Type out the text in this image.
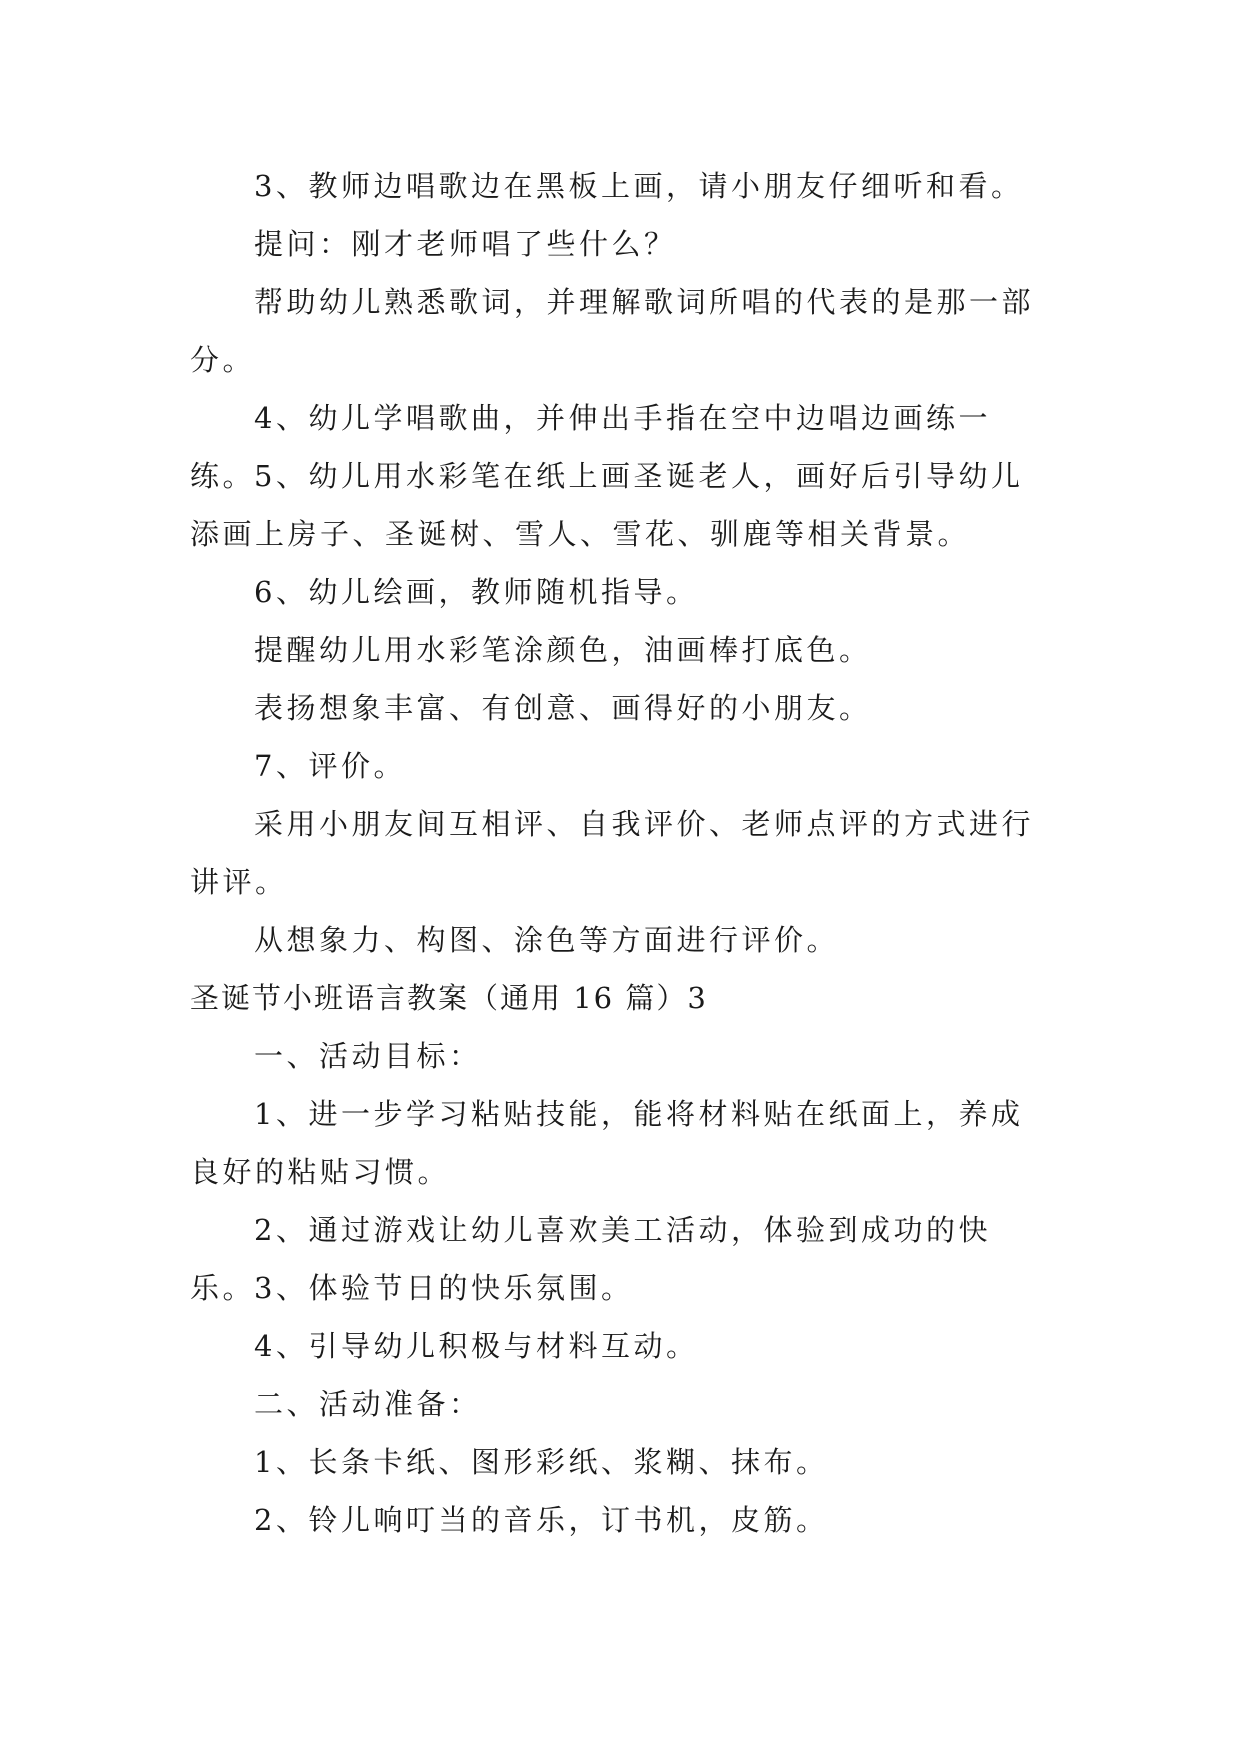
3、教师边唱歌边在黑板上画，请小朋友仔细听和看。

提问：刚才老师唱了些什么？

帮助幼儿熟悉歌词，并理解歌词所唱的代表的是那一部分。

4、幼儿学唱歌曲，并伸出手指在空中边唱边画练一练。

5、幼儿用水彩笔在纸上画圣诞老人，画好后引导幼儿添画上房子、圣诞树、雪人、雪花、驯鹿等相关背景。

6、幼儿绘画，教师随机指导。

提醒幼儿用水彩笔涂颜色，油画棒打底色。

表扬想象丰富、有创意、画得好的小朋友。

7、评价。

采用小朋友间互相评、自我评价、老师点评的方式进行讲评。

从想象力、构图、涂色等方面进行评价。

圣诞节小班语言教案（通用 16 篇）3

一、活动目标：

1、进一步学习粘贴技能，能将材料贴在纸面上，养成良好的粘贴习惯。

2、通过游戏让幼儿喜欢美工活动，体验到成功的快乐。

3、体验节日的快乐氛围。

4、引导幼儿积极与材料互动。

二、活动准备：

1、长条卡纸、图形彩纸、浆糊、抹布。

2、铃儿响叮当的音乐，订书机，皮筋。
